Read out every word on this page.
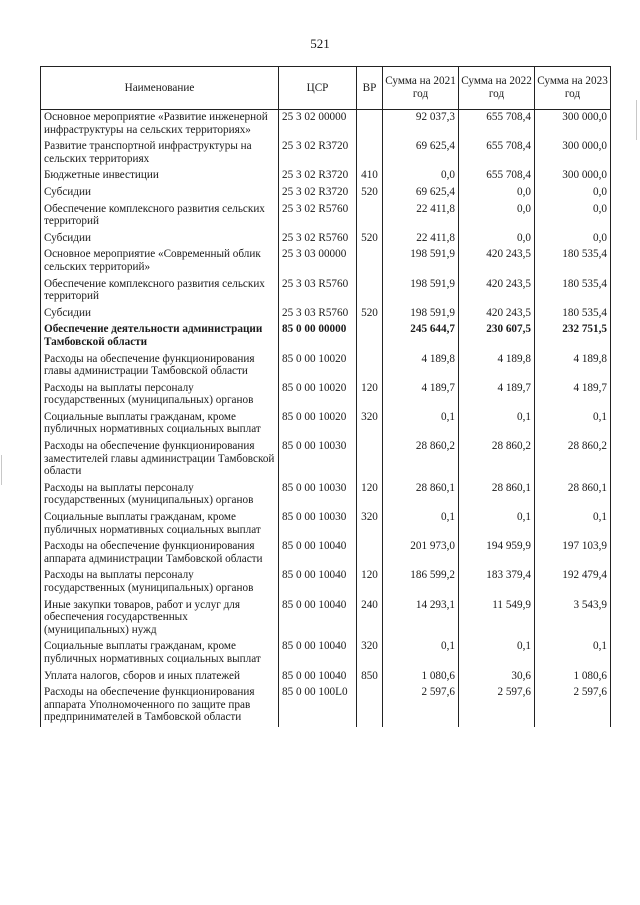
521
Наименование	ЦСР	ВР	Сумма на 2021 год	Сумма на 2022 год	Сумма на 2023 год
Основное мероприятие «Развитие инженерной инфраструктуры на сельских территориях»	25 3 02 00000		92 037,3	655 708,4	300 000,0
Развитие транспортной инфраструктуры на сельских территориях	25 3 02 R3720		69 625,4	655 708,4	300 000,0
Бюджетные инвестиции	25 3 02 R3720	410	0,0	655 708,4	300 000,0
Субсидии	25 3 02 R3720	520	69 625,4	0,0	0,0
Обеспечение комплексного развития сельских территорий	25 3 02 R5760		22 411,8	0,0	0,0
Субсидии	25 3 02 R5760	520	22 411,8	0,0	0,0
Основное мероприятие «Современный облик сельских территорий»	25 3 03 00000		198 591,9	420 243,5	180 535,4
Обеспечение комплексного развития сельских территорий	25 3 03 R5760		198 591,9	420 243,5	180 535,4
Субсидии	25 3 03 R5760	520	198 591,9	420 243,5	180 535,4
Обеспечение деятельности администрации Тамбовской области	85 0 00 00000		245 644,7	230 607,5	232 751,5
Расходы на обеспечение функционирования главы администрации Тамбовской области	85 0 00 10020		4 189,8	4 189,8	4 189,8
Расходы на выплаты персоналу государственных (муниципальных) органов	85 0 00 10020	120	4 189,7	4 189,7	4 189,7
Социальные выплаты гражданам, кроме публичных нормативных социальных выплат	85 0 00 10020	320	0,1	0,1	0,1
Расходы на обеспечение функционирования заместителей главы администрации Тамбовской области	85 0 00 10030		28 860,2	28 860,2	28 860,2
Расходы на выплаты персоналу государственных (муниципальных) органов	85 0 00 10030	120	28 860,1	28 860,1	28 860,1
Социальные выплаты гражданам, кроме публичных нормативных социальных выплат	85 0 00 10030	320	0,1	0,1	0,1
Расходы на обеспечение функционирования аппарата администрации Тамбовской области	85 0 00 10040		201 973,0	194 959,9	197 103,9
Расходы на выплаты персоналу государственных (муниципальных) органов	85 0 00 10040	120	186 599,2	183 379,4	192 479,4
Иные закупки товаров, работ и услуг для обеспечения государственных (муниципальных) нужд	85 0 00 10040	240	14 293,1	11 549,9	3 543,9
Социальные выплаты гражданам, кроме публичных нормативных социальных выплат	85 0 00 10040	320	0,1	0,1	0,1
Уплата налогов, сборов и иных платежей	85 0 00 10040	850	1 080,6	30,6	1 080,6
Расходы на обеспечение функционирования аппарата Уполномоченного по защите прав предпринимателей в Тамбовской области	85 0 00 100L0		2 597,6	2 597,6	2 597,6
